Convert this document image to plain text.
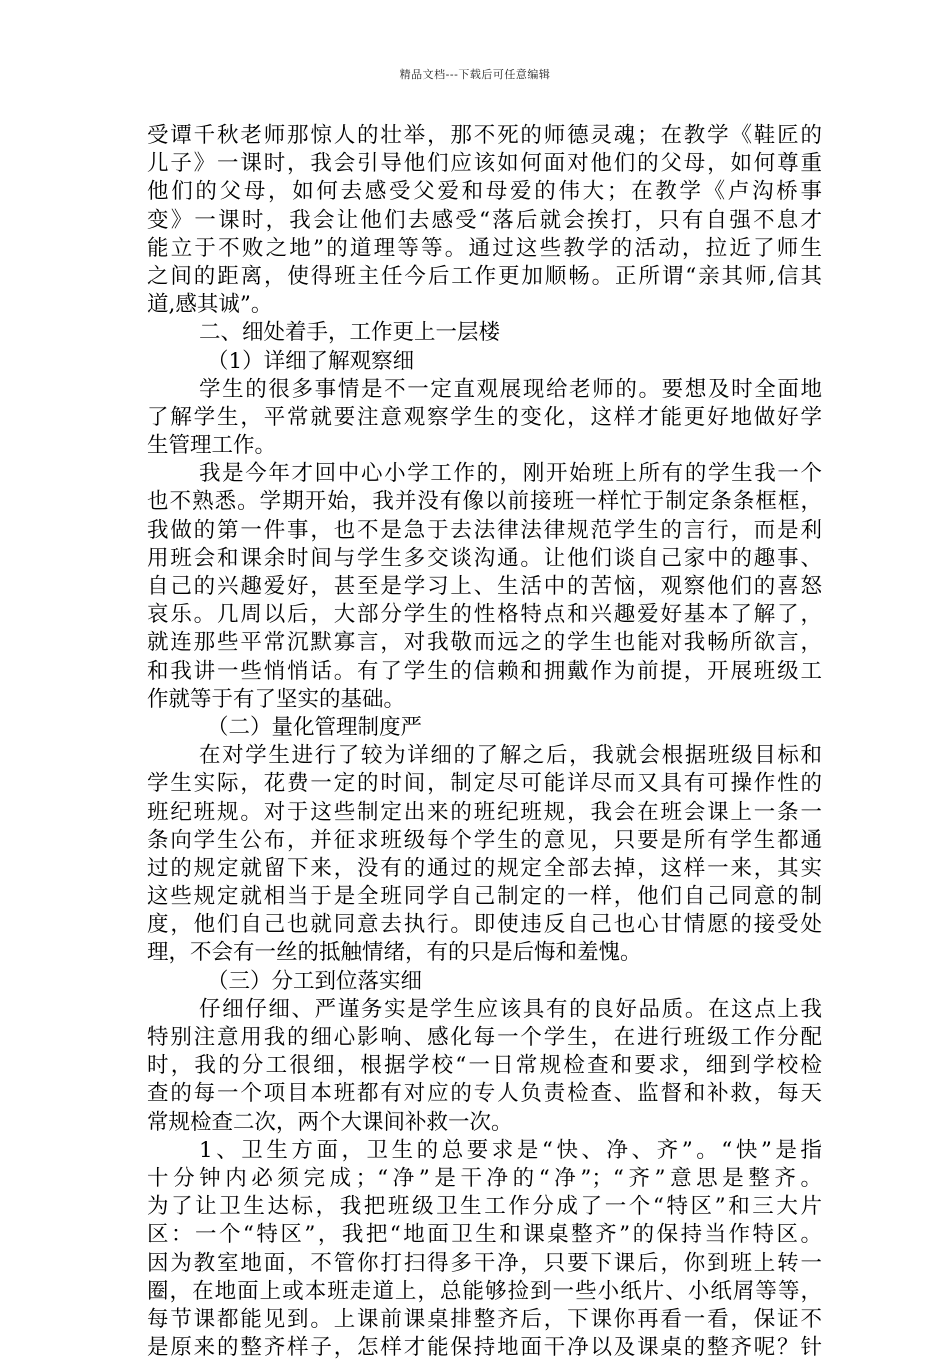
精品文档---下载后可任意编辑
受谭千秋老师那惊人的壮举，那不死的师德灵魂；在教学《鞋匠的
儿子》一课时，我会引导他们应该如何面对他们的父母，如何尊重
他们的父母，如何去感受父爱和母爱的伟大；在教学《卢沟桥事
变》一课时，我会让他们去感受“落后就会挨打，只有自强不息才
能立于不败之地”的道理等等。通过这些教学的活动，拉近了师生
之间的距离，使得班主任今后工作更加顺畅。正所谓“亲其师,信其
道,感其诚”。
二、细处着手，工作更上一层楼
（1）详细了解观察细
学生的很多事情是不一定直观展现给老师的。要想及时全面地
了解学生，平常就要注意观察学生的变化，这样才能更好地做好学
生管理工作。
我是今年才回中心小学工作的，刚开始班上所有的学生我一个
也不熟悉。学期开始，我并没有像以前接班一样忙于制定条条框框，
我做的第一件事，也不是急于去法律法律规范学生的言行，而是利
用班会和课余时间与学生多交谈沟通。让他们谈自己家中的趣事、
自己的兴趣爱好，甚至是学习上、生活中的苦恼，观察他们的喜怒
哀乐。几周以后，大部分学生的性格特点和兴趣爱好基本了解了，
就连那些平常沉默寡言，对我敬而远之的学生也能对我畅所欲言，
和我讲一些悄悄话。有了学生的信赖和拥戴作为前提，开展班级工
作就等于有了坚实的基础。
（二）量化管理制度严
在对学生进行了较为详细的了解之后，我就会根据班级目标和
学生实际，花费一定的时间，制定尽可能详尽而又具有可操作性的
班纪班规。对于这些制定出来的班纪班规，我会在班会课上一条一
条向学生公布，并征求班级每个学生的意见，只要是所有学生都通
过的规定就留下来，没有的通过的规定全部去掉，这样一来，其实
这些规定就相当于是全班同学自己制定的一样，他们自己同意的制
度，他们自己也就同意去执行。即使违反自己也心甘情愿的接受处
理，不会有一丝的抵触情绪，有的只是后悔和羞愧。
（三）分工到位落实细
仔细仔细、严谨务实是学生应该具有的良好品质。在这点上我
特别注意用我的细心影响、感化每一个学生，在进行班级工作分配
时，我的分工很细，根据学校“一日常规检查和要求，细到学校检
查的每一个项目本班都有对应的专人负责检查、监督和补救，每天
常规检查二次，两个大课间补救一次。
1、卫生方面，卫生的总要求是“快、净、齐”。“快”是指
十分钟内必须完成；“净”是干净的“净”；“齐”意思是整齐。
为了让卫生达标，我把班级卫生工作分成了一个“特区”和三大片
区：一个“特区”，我把“地面卫生和课桌整齐”的保持当作特区。
因为教室地面，不管你打扫得多干净，只要下课后，你到班上转一
圈，在地面上或本班走道上，总能够捡到一些小纸片、小纸屑等等，
每节课都能见到。上课前课桌排整齐后，下课你再看一看，保证不
是原来的整齐样子，怎样才能保持地面干净以及课桌的整齐呢？针
